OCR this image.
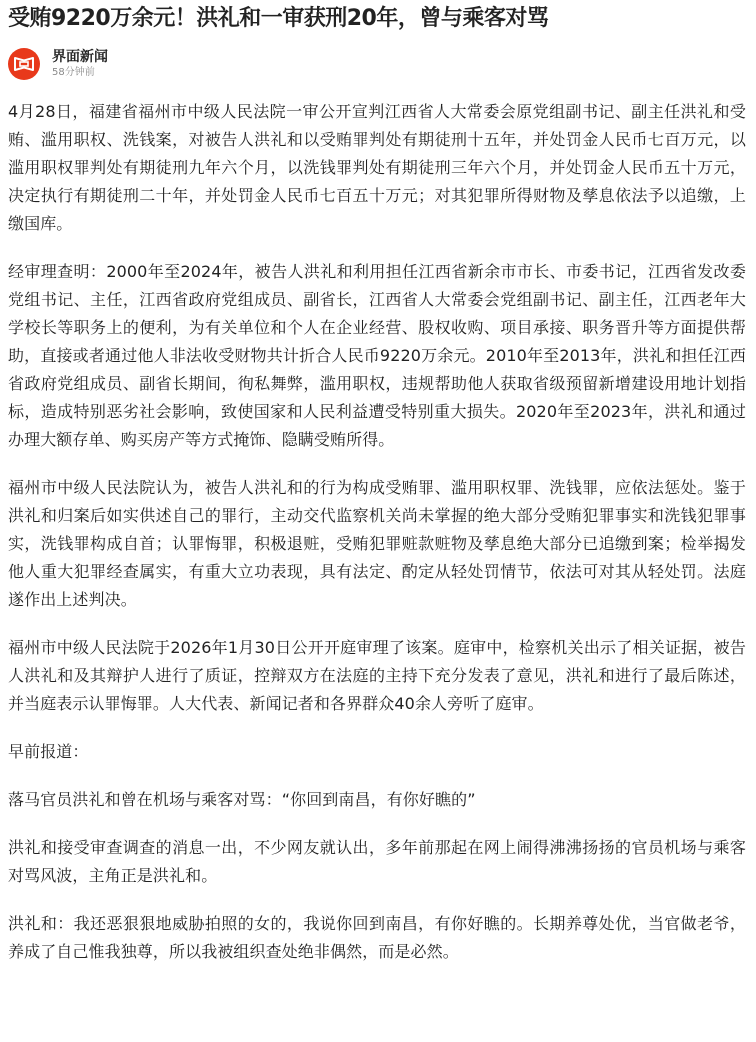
受贿9220万余元！洪礼和一审获刑20年，曾与乘客对骂
界面新闻
58分钟前

4月28日，福建省福州市中级人民法院一审公开宣判江西省人大常委会原党组副书记、副主任洪礼和受贿、滥用职权、洗钱案，对被告人洪礼和以受贿罪判处有期徒刑十五年，并处罚金人民币七百万元，以滥用职权罪判处有期徒刑九年六个月，以洗钱罪判处有期徒刑三年六个月，并处罚金人民币五十万元，决定执行有期徒刑二十年，并处罚金人民币七百五十万元；对其犯罪所得财物及孳息依法予以追缴，上缴国库。

经审理查明：2000年至2024年，被告人洪礼和利用担任江西省新余市市长、市委书记，江西省发改委党组书记、主任，江西省政府党组成员、副省长，江西省人大常委会党组副书记、副主任，江西老年大学校长等职务上的便利，为有关单位和个人在企业经营、股权收购、项目承接、职务晋升等方面提供帮助，直接或者通过他人非法收受财物共计折合人民币9220万余元。2010年至2013年，洪礼和担任江西省政府党组成员、副省长期间，徇私舞弊，滥用职权，违规帮助他人获取省级预留新增建设用地计划指标，造成特别恶劣社会影响，致使国家和人民利益遭受特别重大损失。2020年至2023年，洪礼和通过办理大额存单、购买房产等方式掩饰、隐瞒受贿所得。

福州市中级人民法院认为，被告人洪礼和的行为构成受贿罪、滥用职权罪、洗钱罪，应依法惩处。鉴于洪礼和归案后如实供述自己的罪行，主动交代监察机关尚未掌握的绝大部分受贿犯罪事实和洗钱犯罪事实，洗钱罪构成自首；认罪悔罪，积极退赃，受贿犯罪赃款赃物及孳息绝大部分已追缴到案；检举揭发他人重大犯罪经查属实，有重大立功表现，具有法定、酌定从轻处罚情节，依法可对其从轻处罚。法庭遂作出上述判决。

福州市中级人民法院于2026年1月30日公开开庭审理了该案。庭审中，检察机关出示了相关证据，被告人洪礼和及其辩护人进行了质证，控辩双方在法庭的主持下充分发表了意见，洪礼和进行了最后陈述，并当庭表示认罪悔罪。人大代表、新闻记者和各界群众40余人旁听了庭审。

早前报道：

落马官员洪礼和曾在机场与乘客对骂：“你回到南昌，有你好瞧的”

洪礼和接受审查调查的消息一出，不少网友就认出，多年前那起在网上闹得沸沸扬扬的官员机场与乘客对骂风波，主角正是洪礼和。

洪礼和：我还恶狠狠地威胁拍照的女的，我说你回到南昌，有你好瞧的。长期养尊处优，当官做老爷，养成了自己惟我独尊，所以我被组织查处绝非偶然，而是必然。
